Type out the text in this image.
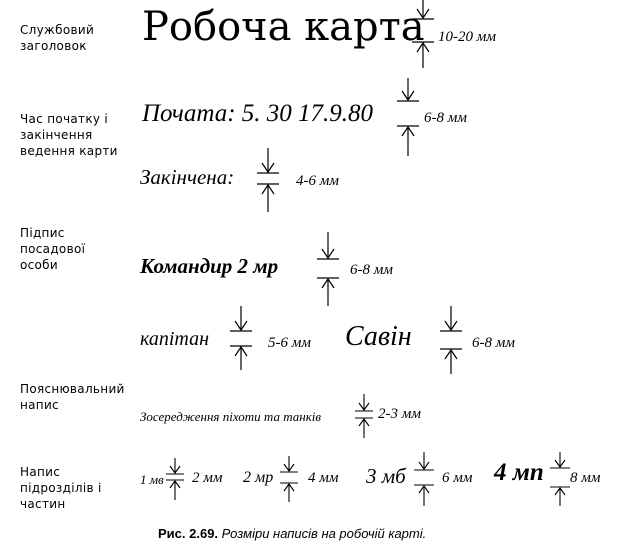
Службовий заголовок
Час початку і закінчення ведення карти
Підпис посадової особи
Пояснювальний напис
Напис підрозділів і частин
Робоча карта 10-20 мм
Почата: 5. 30 17.9.80	6-8 мм
Закінчена:	4-6 мм
Командир 2 мр	6-8 мм
капітан	5-6 мм Савін	6-8 мм
Зосередження піхоти та танків	2-3 мм
1 мв 2 мм 2 мр 4 мм 3 мб 6 мм 4 мп 8 мм
Рис. 2.69. Розміри написів на робочій карті.
